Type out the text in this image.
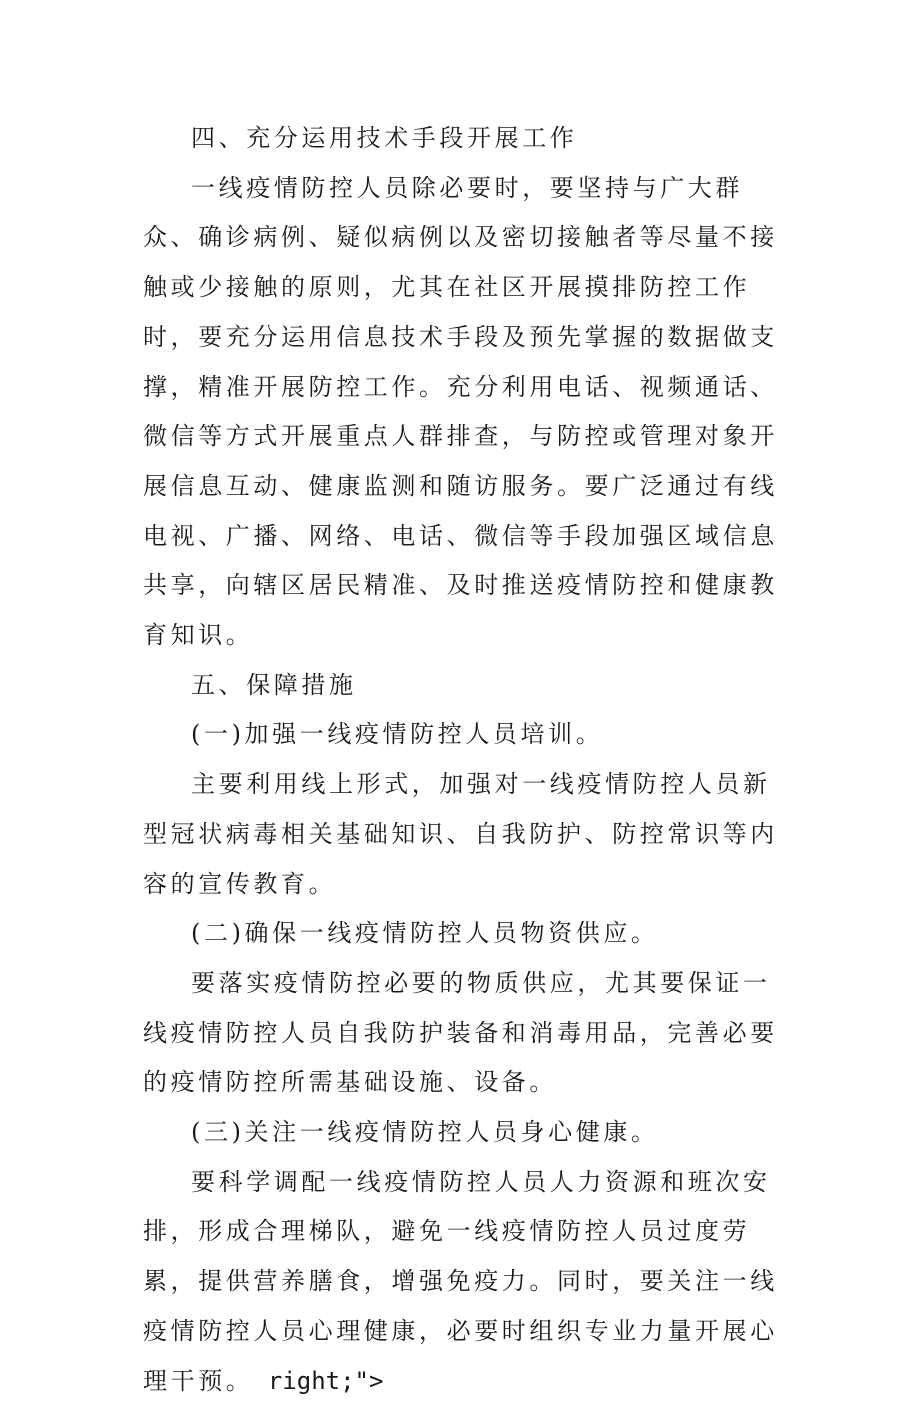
四、充分运用技术手段开展工作

一线疫情防控人员除必要时，要坚持与广大群众、确诊病例、疑似病例以及密切接触者等尽量不接触或少接触的原则，尤其在社区开展摸排防控工作时，要充分运用信息技术手段及预先掌握的数据做支撑，精准开展防控工作。充分利用电话、视频通话、微信等方式开展重点人群排查，与防控或管理对象开展信息互动、健康监测和随访服务。要广泛通过有线电视、广播、网络、电话、微信等手段加强区域信息共享，向辖区居民精准、及时推送疫情防控和健康教育知识。

五、保障措施

(一)加强一线疫情防控人员培训。

主要利用线上形式，加强对一线疫情防控人员新型冠状病毒相关基础知识、自我防护、防控常识等内容的宣传教育。

(二)确保一线疫情防控人员物资供应。

要落实疫情防控必要的物质供应，尤其要保证一线疫情防控人员自我防护装备和消毒用品，完善必要的疫情防控所需基础设施、设备。

(三)关注一线疫情防控人员身心健康。

要科学调配一线疫情防控人员人力资源和班次安排，形成合理梯队，避免一线疫情防控人员过度劳累，提供营养膳食，增强免疫力。同时，要关注一线疫情防控人员心理健康，必要时组织专业力量开展心理干预。 right;">
